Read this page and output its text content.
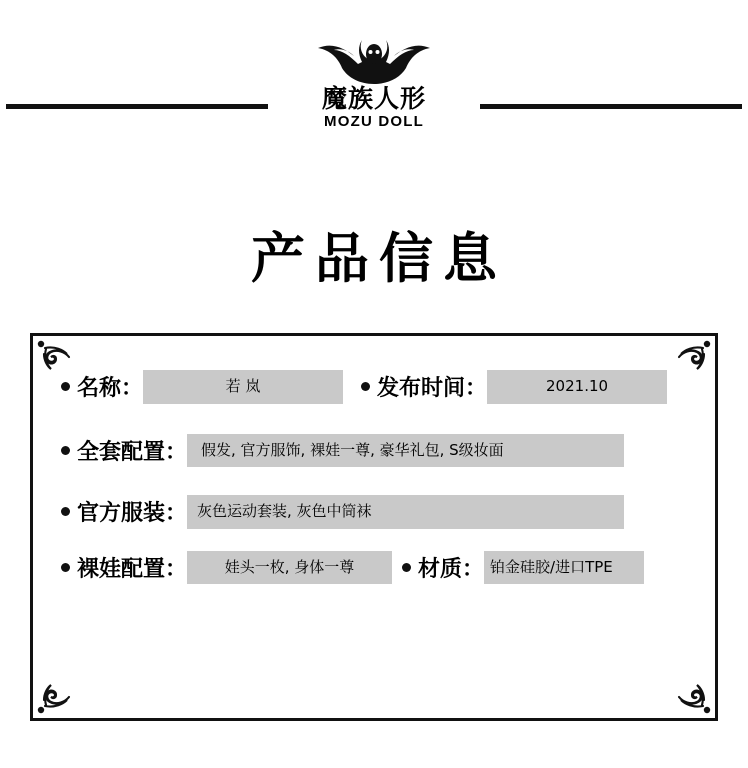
魔族人形
MOZU DOLL
产品信息
名称：	若 岚	发布时间：	2021.10
全套配置： 假发, 官方服饰, 裸娃一尊, 豪华礼包, S级妆面
官方服装： 灰色运动套装, 灰色中筒袜
裸娃配置：	娃头一枚, 身体一尊	材质： 铂金硅胶/进口TPE
